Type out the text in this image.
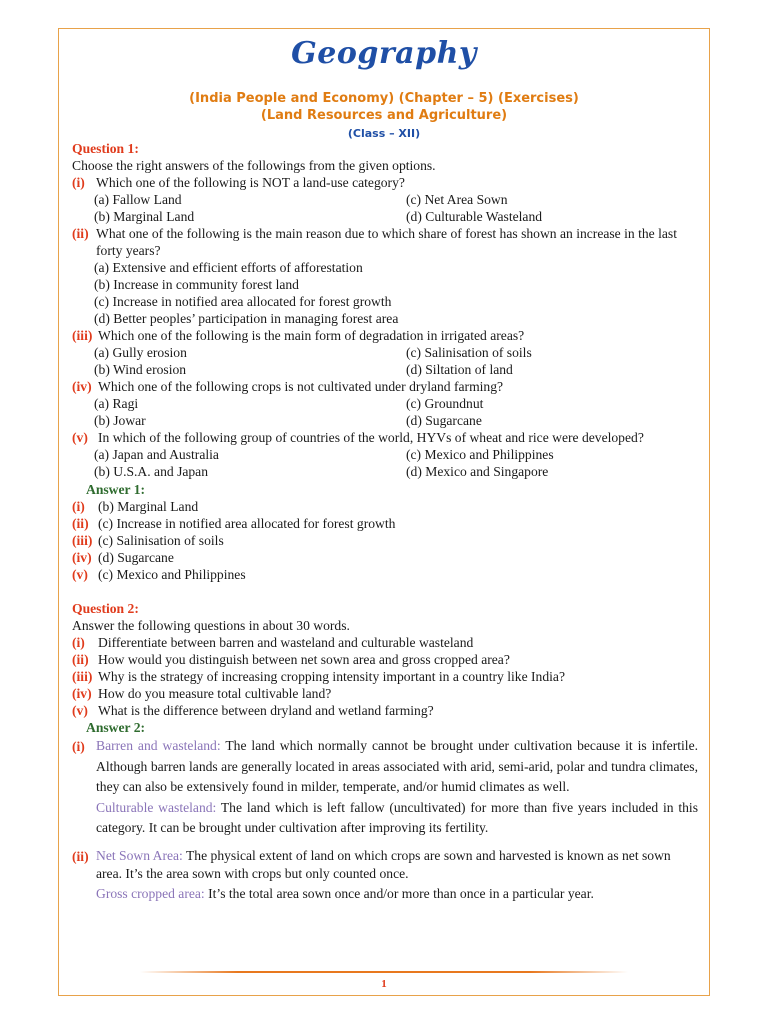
Geography
(India People and Economy) (Chapter – 5) (Exercises)
(Land Resources and Agriculture)
(Class – XII)

Question 1:

Choose the right answers of the followings from the given options.

(i) Which one of the following is NOT a land-use category?

(a) Fallow Land	(c) Net Area Sown
(b) Marginal Land	(d) Culturable Wasteland

(ii) What one of the following is the main reason due to which share of forest has shown an increase in the last forty years?

(a) Extensive and efficient efforts of afforestation

(b) Increase in community forest land

(c) Increase in notified area allocated for forest growth

(d) Better peoples’ participation in managing forest area

(iii) Which one of the following is the main form of degradation in irrigated areas?

(a) Gully erosion	(c) Salinisation of soils
(b) Wind erosion	(d) Siltation of land

(iv) Which one of the following crops is not cultivated under dryland farming?

(a) Ragi	(c) Groundnut
(b) Jowar	(d) Sugarcane

(v) In which of the following group of countries of the world, HYVs of wheat and rice were developed?

(a) Japan and Australia	(c) Mexico and Philippines
(b) U.S.A. and Japan	(d) Mexico and Singapore

Answer 1:

(i) (b) Marginal Land

(ii) (c) Increase in notified area allocated for forest growth

(iii) (c) Salinisation of soils

(iv) (d) Sugarcane

(v) (c) Mexico and Philippines

Question 2:

Answer the following questions in about 30 words.

(i) Differentiate between barren and wasteland and culturable wasteland

(ii) How would you distinguish between net sown area and gross cropped area?

(iii) Why is the strategy of increasing cropping intensity important in a country like India?

(iv) How do you measure total cultivable land?

(v) What is the difference between dryland and wetland farming?

Answer 2:

(i) Barren and wasteland: The land which normally cannot be brought under cultivation because it is infertile. Although barren lands are generally located in areas associated with arid, semi-arid, polar and tundra climates, they can also be extensively found in milder, temperate, and/or humid climates as well.
Culturable wasteland: The land which is left fallow (uncultivated) for more than five years included in this category. It can be brought under cultivation after improving its fertility.
(ii) Net Sown Area: The physical extent of land on which crops are sown and harvested is known as net sown area. It’s the area sown with crops but only counted once.
Gross cropped area: It’s the total area sown once and/or more than once in a particular year.
1
